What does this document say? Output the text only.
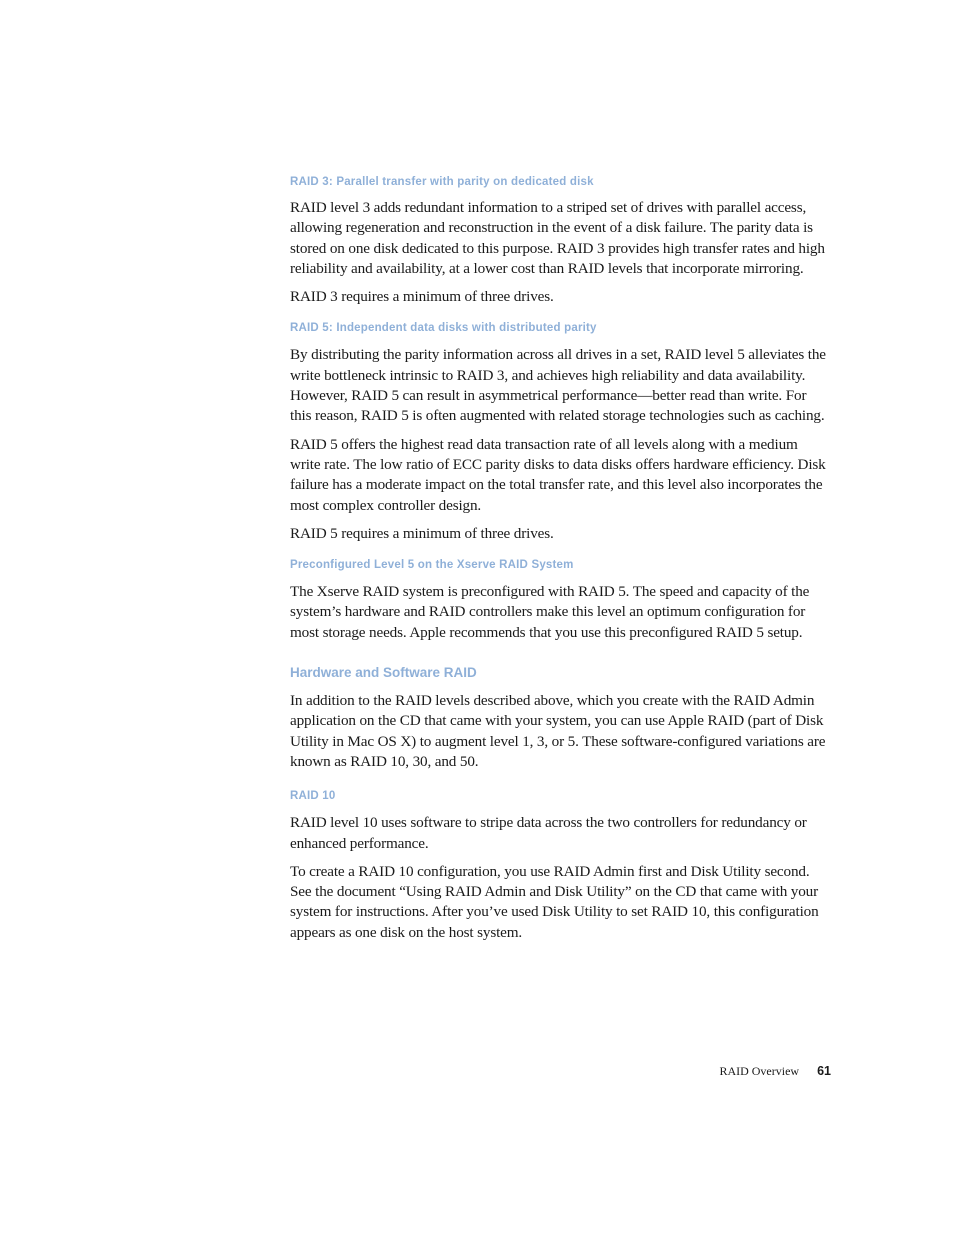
RAID 3: Parallel transfer with parity on dedicated disk

RAID level 3 adds redundant information to a striped set of drives with parallel access, allowing regeneration and reconstruction in the event of a disk failure. The parity data is stored on one disk dedicated to this purpose. RAID 3 provides high transfer rates and high reliability and availability, at a lower cost than RAID levels that incorporate mirroring.

RAID 3 requires a minimum of three drives.

RAID 5: Independent data disks with distributed parity

By distributing the parity information across all drives in a set, RAID level 5 alleviates the write bottleneck intrinsic to RAID 3, and achieves high reliability and data availability. However, RAID 5 can result in asymmetrical performance—better read than write. For this reason, RAID 5 is often augmented with related storage technologies such as caching.

RAID 5 offers the highest read data transaction rate of all levels along with a medium write rate. The low ratio of ECC parity disks to data disks offers hardware efficiency. Disk failure has a moderate impact on the total transfer rate, and this level also incorporates the most complex controller design.

RAID 5 requires a minimum of three drives.

Preconfigured Level 5 on the Xserve RAID System

The Xserve RAID system is preconfigured with RAID 5. The speed and capacity of the system’s hardware and RAID controllers make this level an optimum configuration for most storage needs. Apple recommends that you use this preconfigured RAID 5 setup.

Hardware and Software RAID

In addition to the RAID levels described above, which you create with the RAID Admin application on the CD that came with your system, you can use Apple RAID (part of Disk Utility in Mac OS X) to augment level 1, 3, or 5. These software-configured variations are known as RAID 10, 30, and 50.

RAID 10

RAID level 10 uses software to stripe data across the two controllers for redundancy or enhanced performance.

To create a RAID 10 configuration, you use RAID Admin first and Disk Utility second. See the document “Using RAID Admin and Disk Utility” on the CD that came with your system for instructions. After you’ve used Disk Utility to set RAID 10, this configuration appears as one disk on the host system.

RAID Overview 61
